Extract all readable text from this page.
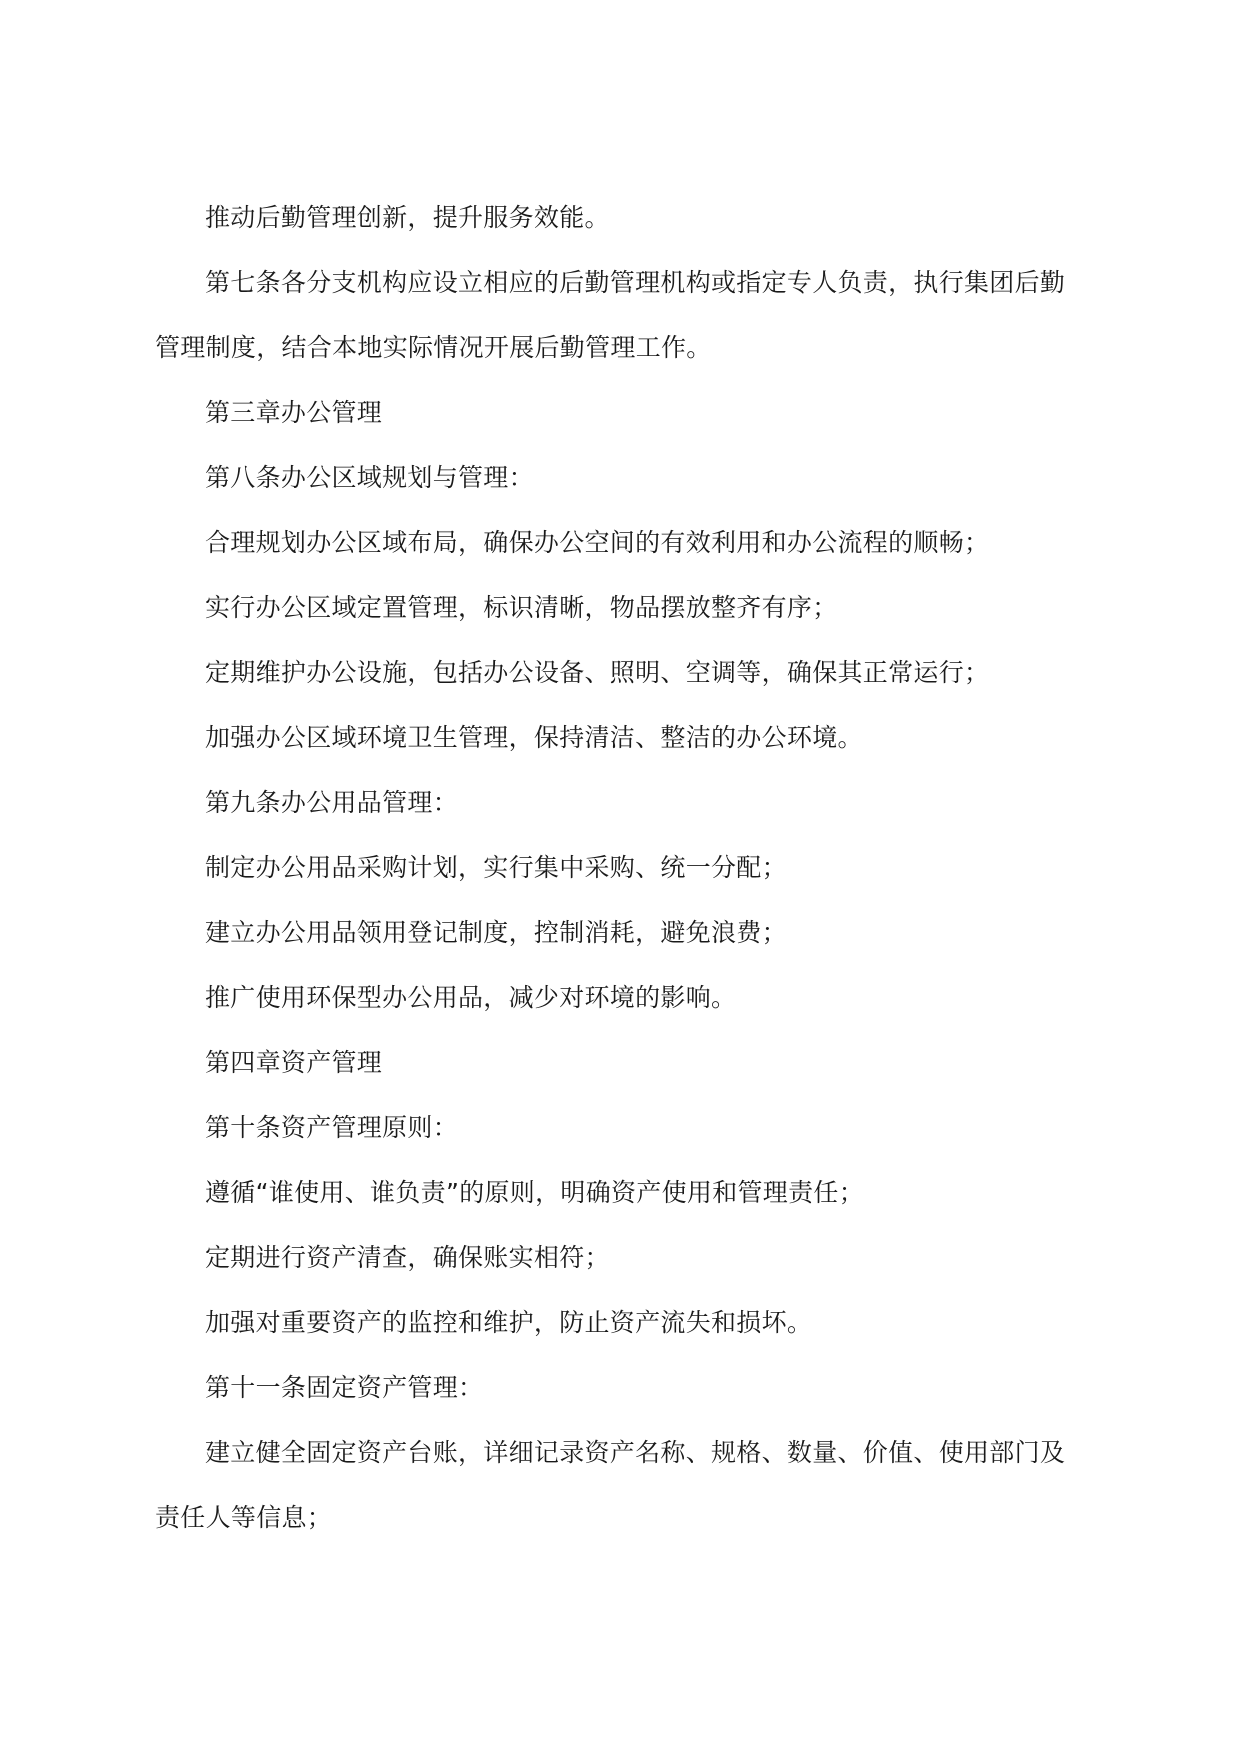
推动后勤管理创新，提升服务效能。

第七条各分支机构应设立相应的后勤管理机构或指定专人负责，执行集团后勤管理制度，结合本地实际情况开展后勤管理工作。

第三章办公管理

第八条办公区域规划与管理：

合理规划办公区域布局，确保办公空间的有效利用和办公流程的顺畅；

实行办公区域定置管理，标识清晰，物品摆放整齐有序；

定期维护办公设施，包括办公设备、照明、空调等，确保其正常运行；

加强办公区域环境卫生管理，保持清洁、整洁的办公环境。

第九条办公用品管理：

制定办公用品采购计划，实行集中采购、统一分配；

建立办公用品领用登记制度，控制消耗，避免浪费；

推广使用环保型办公用品，减少对环境的影响。

第四章资产管理

第十条资产管理原则：

遵循“谁使用、谁负责”的原则，明确资产使用和管理责任；

定期进行资产清查，确保账实相符；

加强对重要资产的监控和维护，防止资产流失和损坏。

第十一条固定资产管理：

建立健全固定资产台账，详细记录资产名称、规格、数量、价值、使用部门及责任人等信息；
